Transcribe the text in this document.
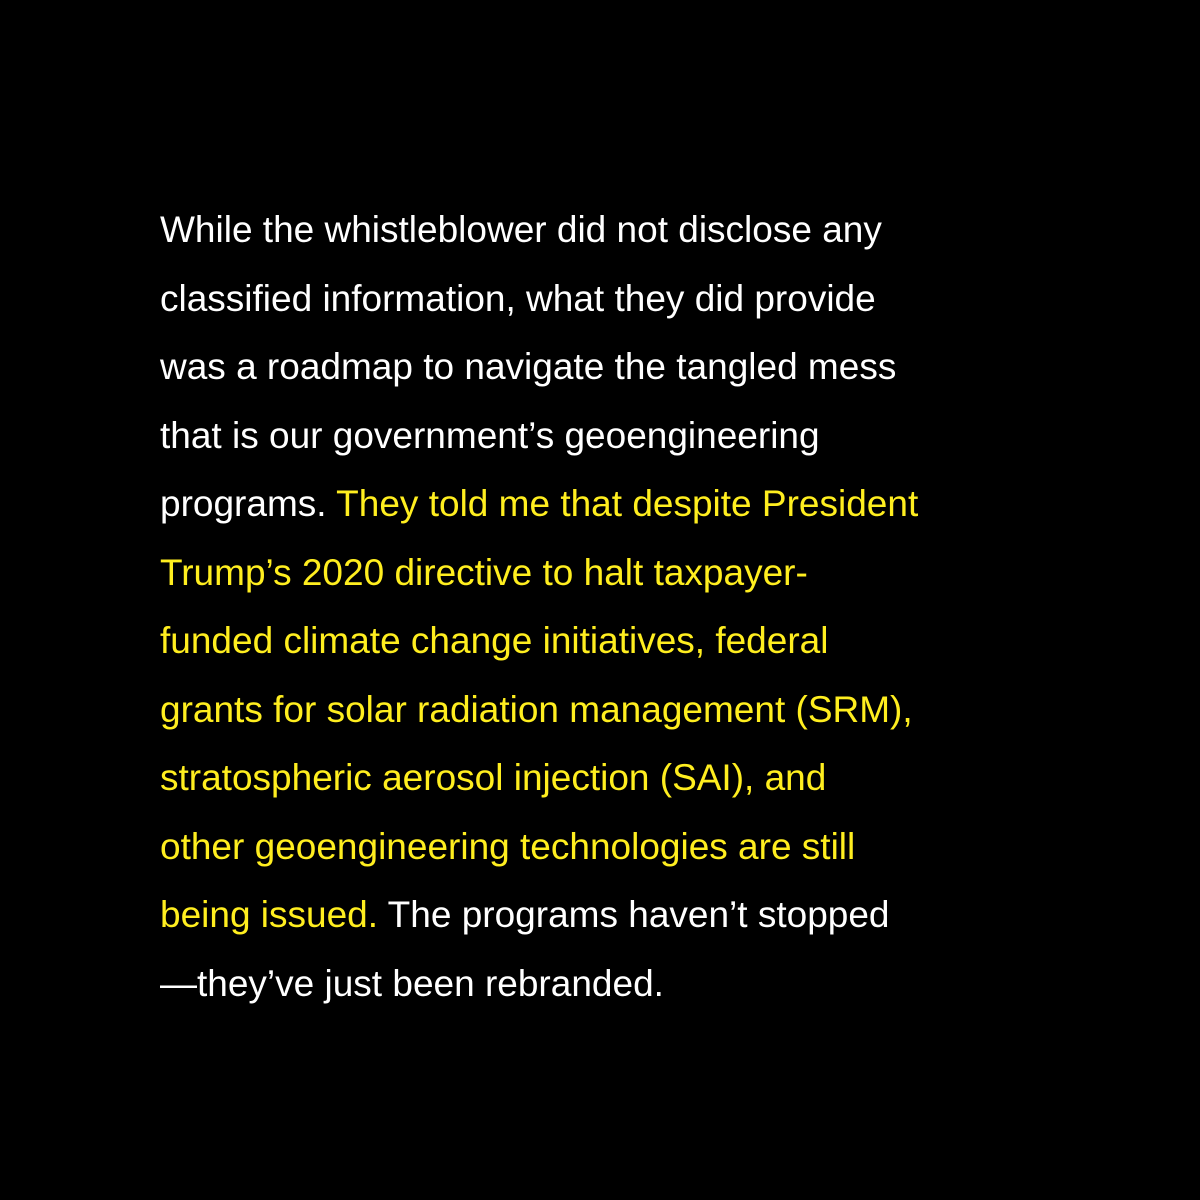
While the whistleblower did not disclose any
classified information, what they did provide
was a roadmap to navigate the tangled mess
that is our government’s geoengineering
programs. They told me that despite President
Trump’s 2020 directive to halt taxpayer-
funded climate change initiatives, federal
grants for solar radiation management (SRM),
stratospheric aerosol injection (SAI), and
other geoengineering technologies are still
being issued. The programs haven’t stopped
—they’ve just been rebranded.
